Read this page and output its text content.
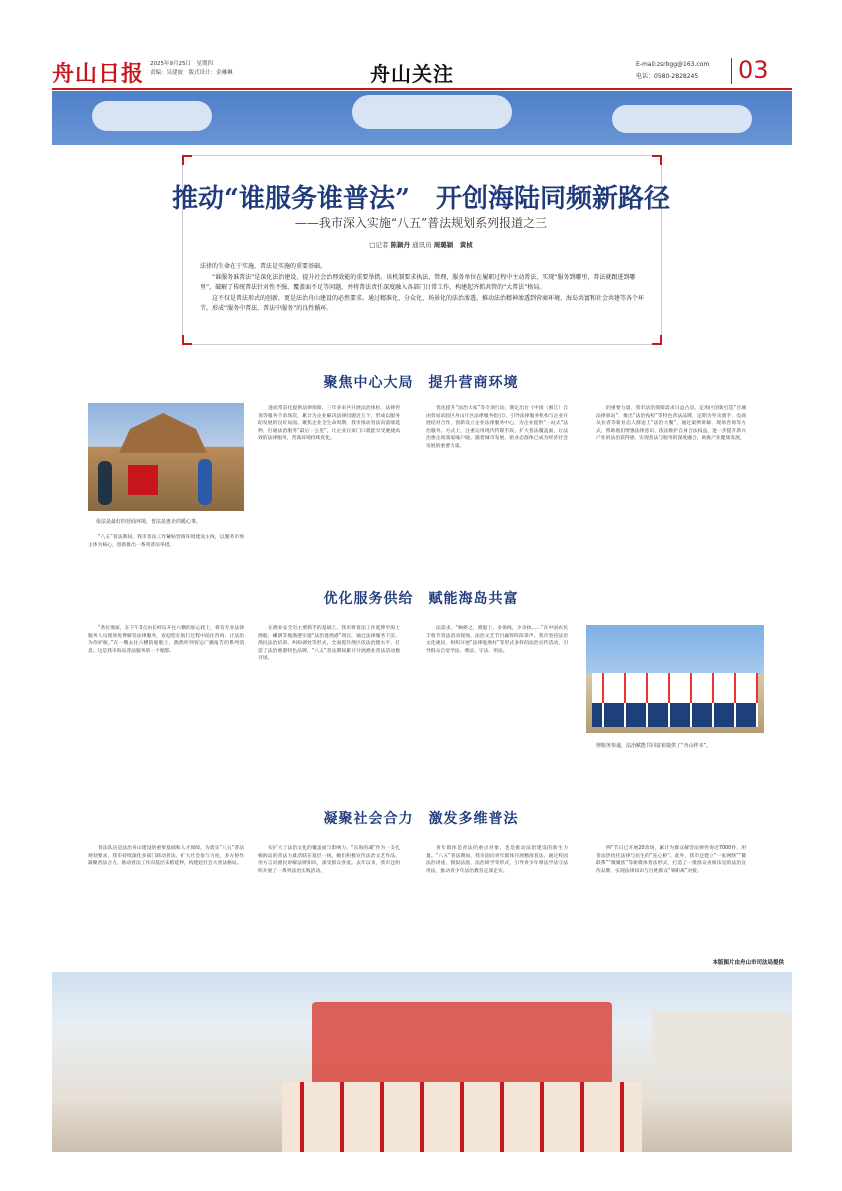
舟山日报 2025年9月25日　星期四
责编：吴建波　版式设计：金琳琳	舟山关注	E-mail:zsrbgg@163.com
电话：0580-2828245	03
推动“谁服务谁普法”　开创海陆同频新路径
——我市深入实施“八五”普法规划系列报道之三
□记者 陈颖丹 通讯员 周璐颖　黄桢

法律的生命在于实施，普法是实施的重要基础。

“谁服务谁普法”是深化法治建设、提升社会治理效能的重要举措。该机制要求执法、管理、服务单位在履职过程中主动普法，实现“服务到哪里，普法就跟进到哪里”，破解了传统普法针对性不强、覆盖面不足等问题，并将普法责任深度融入各部门日常工作，构建起齐抓共管的“大普法”格局。

这不仅是普法形式的创新，更是法治舟山建设的必然要求。通过精准化、分众化、场景化的法治渗透，推动法治精神渗透到营商环境、海岛共富和社会共建等各个环节，形成“服务中普法、普法中服务”的良性循环。

聚焦中心大局　提升营商环境
依法是最好的营商环境，普法是惠企的暖心事。

“八五”普法期间，我市普法工作紧贴营商环境建设主线，以服务市场主体为核心，创新推出一系列普法举措。

进而常态化提供法律保障，三年多来共开展法治体检、法律咨询等服务千余场次，累计为企业解决法律问题近万个，形成以服务助发展的良好局面。聚焦企业全生命周期，我市推动普法向前端延伸，打通法治服务“最后一公里”，让企业在家门口就能享受便捷高效的法律服务，营商环境持续优化。

优化提升“法治大家”等专项行动，制定出台《中国（浙江）自由贸易试验区舟山片区法律服务指引》，引导法律服务机构与企业开展结对合作，创新设立企业法律服务中心，为企业提供“一站式”法治服务。方式上，注重运用现代传媒手段，扩大普法覆盖面，让法治惠企政策家喻户晓。随着城市发展，新业态群体已成为经济社会发展的重要力量。

的重要力量，我市法治保障需求日益凸显。定海区创新打造“百城法律驿站”，推出“法治夜校”等特色普法品牌，定期为外卖骑手、电商从业者等新业态人群送上“法治大餐”，通过案例讲解、现场咨询等方式，帮助他们增强法律意识、依法维护自身合法权益，进一步提升新兴产业的法治获得感，实现普法与服务的深度融合，助推产业健康发展。

优化服务供给　赋能海岛共富

“各位渔家，在下午3点由长峙岛开往六横的加心轮上，将有专业法律服务人员现场免费解答法律服务，欢迎您在航行过程中前往咨询，让法治为你护航。”在一艘去往六横的船舶上，偶然听到客运广播报告的系列消息。这是我市海岛普法服务的一个缩影。

在渔业安全有主要抓手的基础上，我市将普法工作延伸至海上渔船，嵊泗等地渔港实施“法治进渔港”项目，通过法律服务下沉、渔民法治培训、纠纷调处等形式，全面提升渔区依法治理水平，打造了法治渔港特色品牌，“八五”普法期间累计开展渔业普法活动数百场。

法需求。“枫桥之，渔船上，多条线，少争执……”在中国农民丰收节普法活动现场，法治文艺节目赢得阵阵掌声。我市坚持法治文化惠民，组织开展“法律进渔村”等形式多样的法治宣传活动，引导群众自觉学法、尊法、守法、用法。

律服务快递，法治赋能共同富裕提供了“舟山样本”。
凝聚社会合力　激发多维普法

普法队伍是法治舟山建设的重要基础和人才保障。为落实“八五”普法规划要求，我市持续深化多部门联动普法，扩大社会参与力度，多方协作凝聚普法合力，推动普法工作向基层末梢延伸，构建起社会大普法格局。

实扩大了法治文化的覆盖面与影响力。“东海的魂”作为一支扎根海岛的普法力量活跃在基层一线，她们积极宣传法治文艺作品，用方言向渔民讲解法律知识，深受群众喜爱。去年以来，我市还组织开展了一系列法治实践活动。

青年群体是普法的重点对象，也是推动法治建设的新生力量。“八五”普法期间，我市面向青年群体开展精准普法，通过校园法治讲座、模拟法庭、法治研学等形式，引导青少年尊法学法守法用法，推动青少年法治教育走深走实。

例“节日已开展20余场，累计为群众解答法律咨询近7000件，用普法热忱托法律与民生的“连心桥”。此外，我市还建立“一张网络”“微联系”“微聚焦”等新媒体普法形式，打造了一批群众喜闻乐见的法治宣传品牌，实现法律知识与百姓群众“零距离”对接。

本版图片由舟山市司法局提供
